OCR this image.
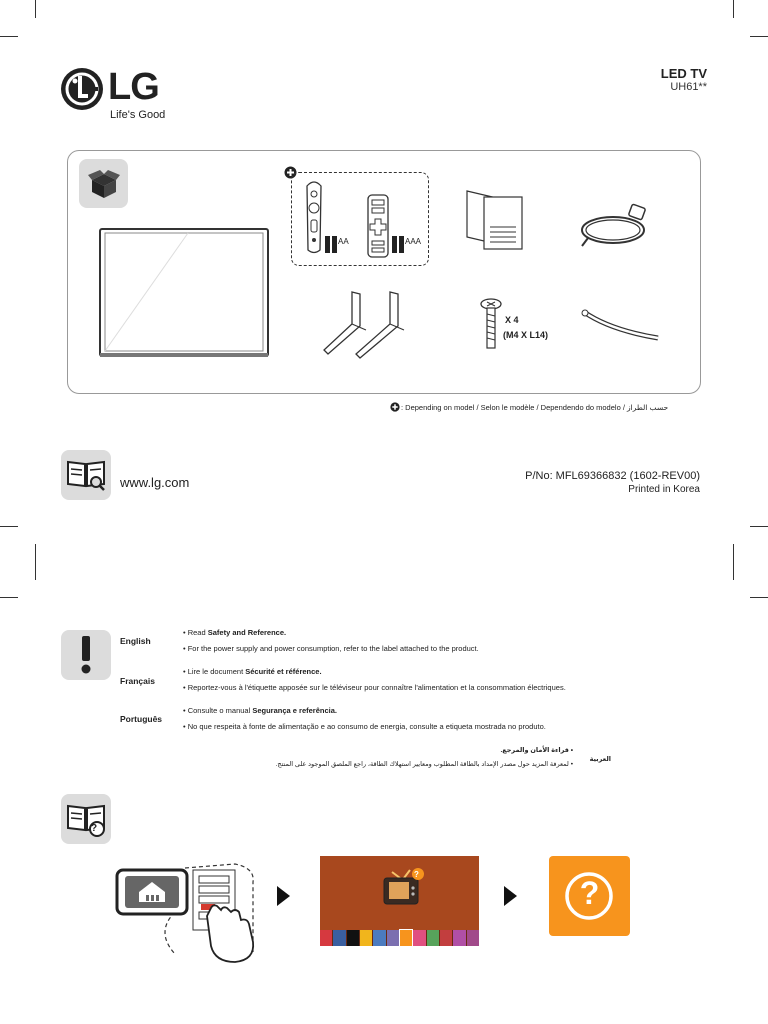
LG
Life's Good
LED TV
UH61**
AA	AAA
X 4
(M4 X L14)
: Depending on model / Selon le modèle / Dependendo do modelo / حسب الطراز
www.lg.com	P/No: MFL69366832 (1602-REV00)
Printed in Korea
English
• Read Safety and Reference.
• For the power supply and power consumption, refer to the label attached to the product.
Français
• Lire le document Sécurité et référence.
• Reportez-vous à l'étiquette apposée sur le téléviseur pour connaître l'alimentation et la consommation électriques.
Português
• Consulte o manual Segurança e referência.
• No que respeita à fonte de alimentação e ao consumo de energia, consulte a etiqueta mostrada no produto.
العربية
• قراءة الأمان والمرجع.
• لمعرفة المزيد حول مصدر الإمداد بالطاقة المطلوب ومعايير استهلاك الطاقة، راجع الملصق الموجود على المنتج.
?
?
?
